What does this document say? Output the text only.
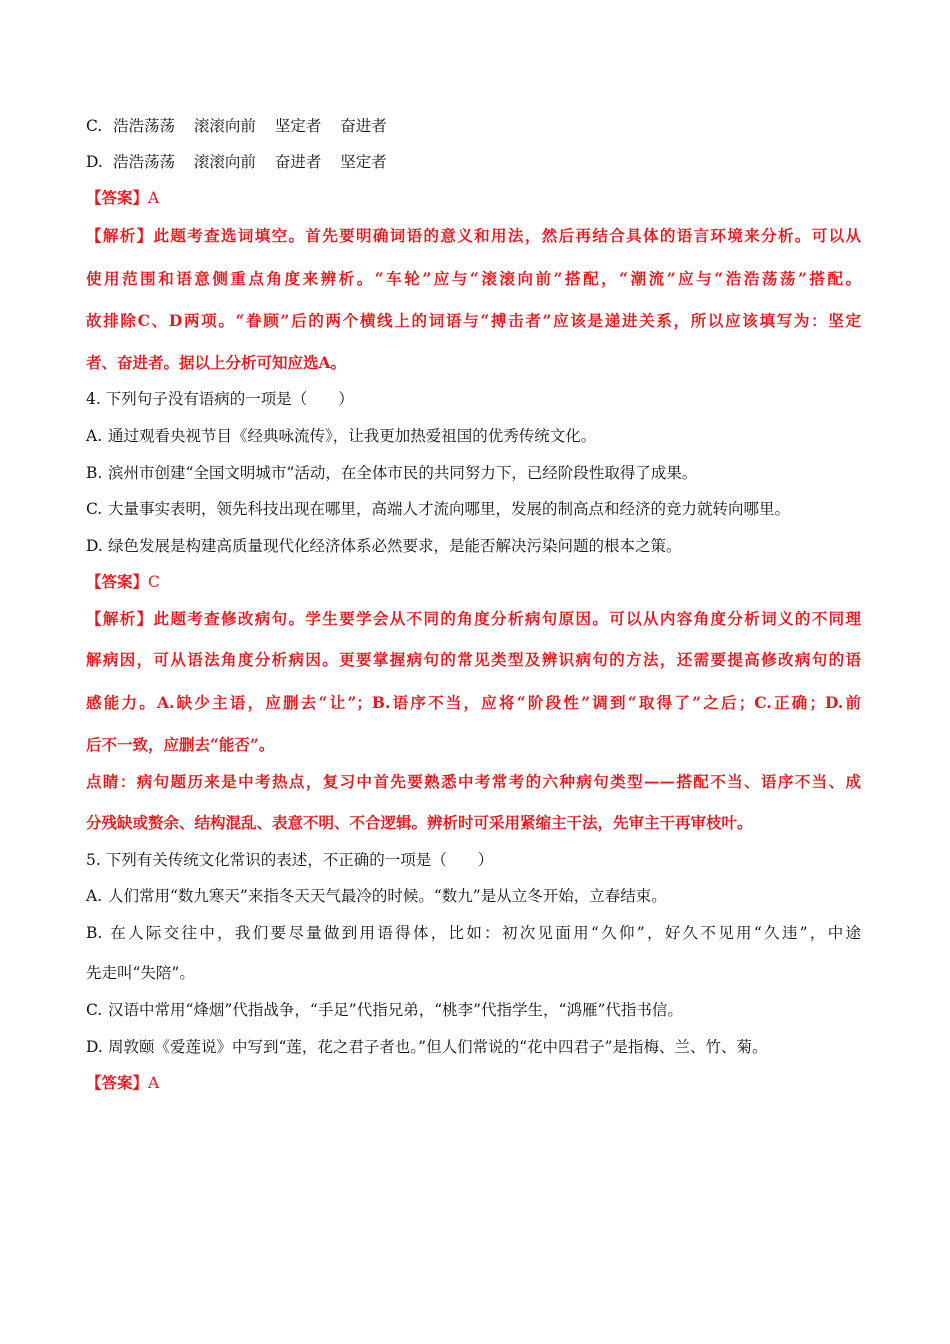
C. 浩浩荡荡 滚滚向前 坚定者 奋进者
D. 浩浩荡荡 滚滚向前 奋进者 坚定者
【答案】A
【解析】此题考查选词填空。首先要明确词语的意义和用法，然后再结合具体的语言环境来分析。可以从
使用范围和语意侧重点角度来辨析。“车轮”应与“滚滚向前”搭配，“潮流”应与“浩浩荡荡”搭配。
故排除C、D两项。“眷顾”后的两个横线上的词语与“搏击者”应该是递进关系，所以应该填写为：坚定
者、奋进者。据以上分析可知应选A。
4. 下列句子没有语病的一项是（　　）
A. 通过观看央视节目《经典咏流传》，让我更加热爱祖国的优秀传统文化。
B. 滨州市创建“全国文明城市”活动，在全体市民的共同努力下，已经阶段性取得了成果。
C. 大量事实表明，领先科技出现在哪里，高端人才流向哪里，发展的制高点和经济的竞力就转向哪里。
D. 绿色发展是构建高质量现代化经济体系必然要求，是能否解决污染问题的根本之策。
【答案】C
【解析】此题考查修改病句。学生要学会从不同的角度分析病句原因。可以从内容角度分析词义的不同理
解病因，可从语法角度分析病因。更要掌握病句的常见类型及辨识病句的方法，还需要提高修改病句的语
感能力。A.缺少主语，应删去“让”；B.语序不当，应将“阶段性”调到“取得了”之后；C.正确；D.前
后不一致，应删去“能否”。
点睛：病句题历来是中考热点，复习中首先要熟悉中考常考的六种病句类型——搭配不当、语序不当、成
分残缺或赘余、结构混乱、表意不明、不合逻辑。辨析时可采用紧缩主干法，先审主干再审枝叶。
5. 下列有关传统文化常识的表述，不正确的一项是（　　）
A. 人们常用“数九寒天”来指冬天天气最冷的时候。“数九”是从立冬开始，立春结束。
B. 在人际交往中，我们要尽量做到用语得体，比如：初次见面用“久仰”，好久不见用“久违”，中途
先走叫“失陪”。
C. 汉语中常用“烽烟”代指战争，“手足”代指兄弟，“桃李”代指学生，“鸿雁”代指书信。
D. 周敦颐《爱莲说》中写到“莲，花之君子者也。”但人们常说的“花中四君子”是指梅、兰、竹、菊。
【答案】A
